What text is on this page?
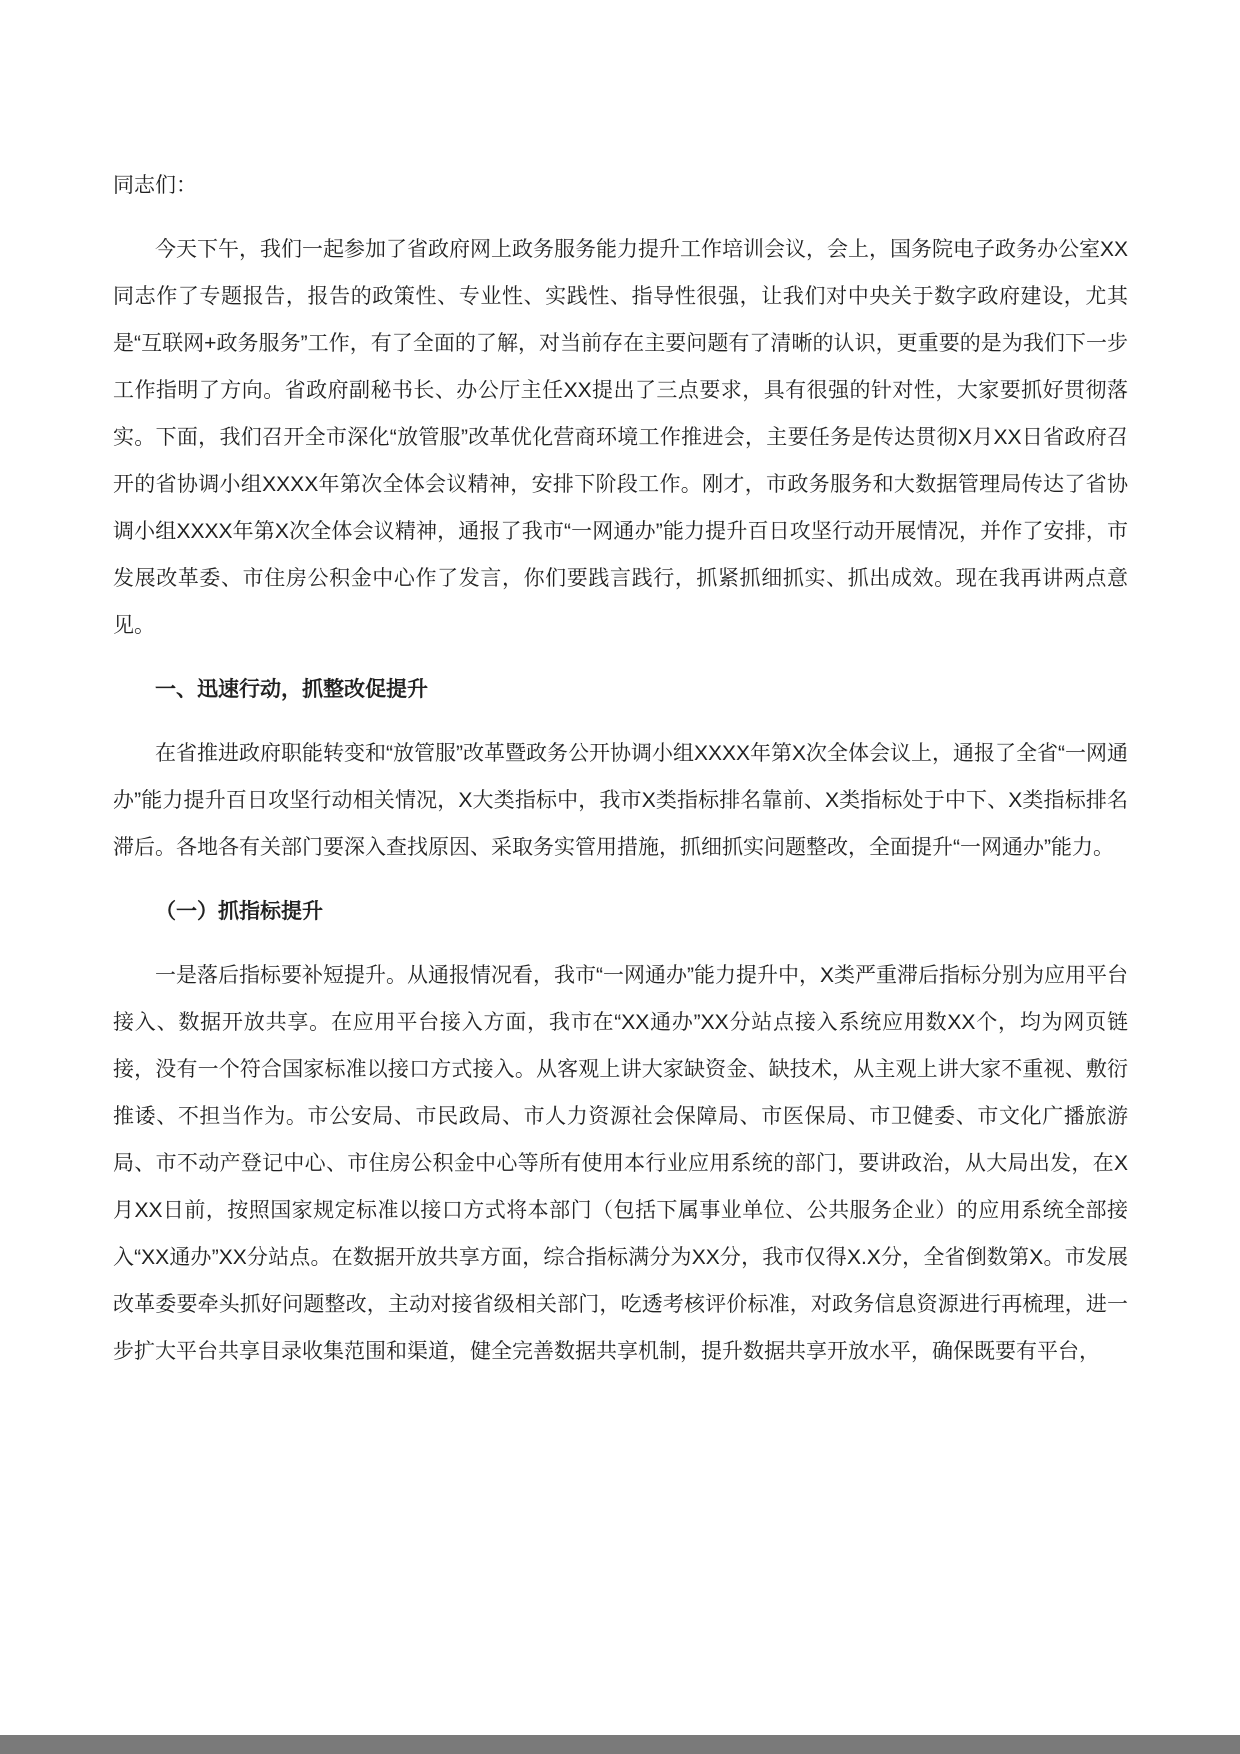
同志们：

今天下午，我们一起参加了省政府网上政务服务能力提升工作培训会议，会上，国务院电子政务办公室XX同志作了专题报告，报告的政策性、专业性、实践性、指导性很强，让我们对中央关于数字政府建设，尤其是“互联网+政务服务”工作，有了全面的了解，对当前存在主要问题有了清晰的认识，更重要的是为我们下一步工作指明了方向。省政府副秘书长、办公厅主任XX提出了三点要求，具有很强的针对性，大家要抓好贯彻落实。下面，我们召开全市深化“放管服”改革优化营商环境工作推进会，主要任务是传达贯彻X月XX日省政府召开的省协调小组XXXX年第次全体会议精神，安排下阶段工作。刚才，市政务服务和大数据管理局传达了省协调小组XXXX年第X次全体会议精神，通报了我市“一网通办”能力提升百日攻坚行动开展情况，并作了安排，市发展改革委、市住房公积金中心作了发言，你们要践言践行，抓紧抓细抓实、抓出成效。现在我再讲两点意见。

一、迅速行动，抓整改促提升

在省推进政府职能转变和“放管服”改革暨政务公开协调小组XXXX年第X次全体会议上，通报了全省“一网通办”能力提升百日攻坚行动相关情况，X大类指标中，我市X类指标排名靠前、X类指标处于中下、X类指标排名滞后。各地各有关部门要深入查找原因、采取务实管用措施，抓细抓实问题整改，全面提升“一网通办”能力。

（一）抓指标提升

一是落后指标要补短提升。从通报情况看，我市“一网通办”能力提升中，X类严重滞后指标分别为应用平台接入、数据开放共享。在应用平台接入方面，我市在“XX通办”XX分站点接入系统应用数XX个，均为网页链接，没有一个符合国家标准以接口方式接入。从客观上讲大家缺资金、缺技术，从主观上讲大家不重视、敷衍推诿、不担当作为。市公安局、市民政局、市人力资源社会保障局、市医保局、市卫健委、市文化广播旅游局、市不动产登记中心、市住房公积金中心等所有使用本行业应用系统的部门，要讲政治，从大局出发，在X月XX日前，按照国家规定标准以接口方式将本部门（包括下属事业单位、公共服务企业）的应用系统全部接入“XX通办”XX分站点。在数据开放共享方面，综合指标满分为XX分，我市仅得X.X分，全省倒数第X。市发展改革委要牵头抓好问题整改，主动对接省级相关部门，吃透考核评价标准，对政务信息资源进行再梳理，进一步扩大平台共享目录收集范围和渠道，健全完善数据共享机制，提升数据共享开放水平，确保既要有平台，
